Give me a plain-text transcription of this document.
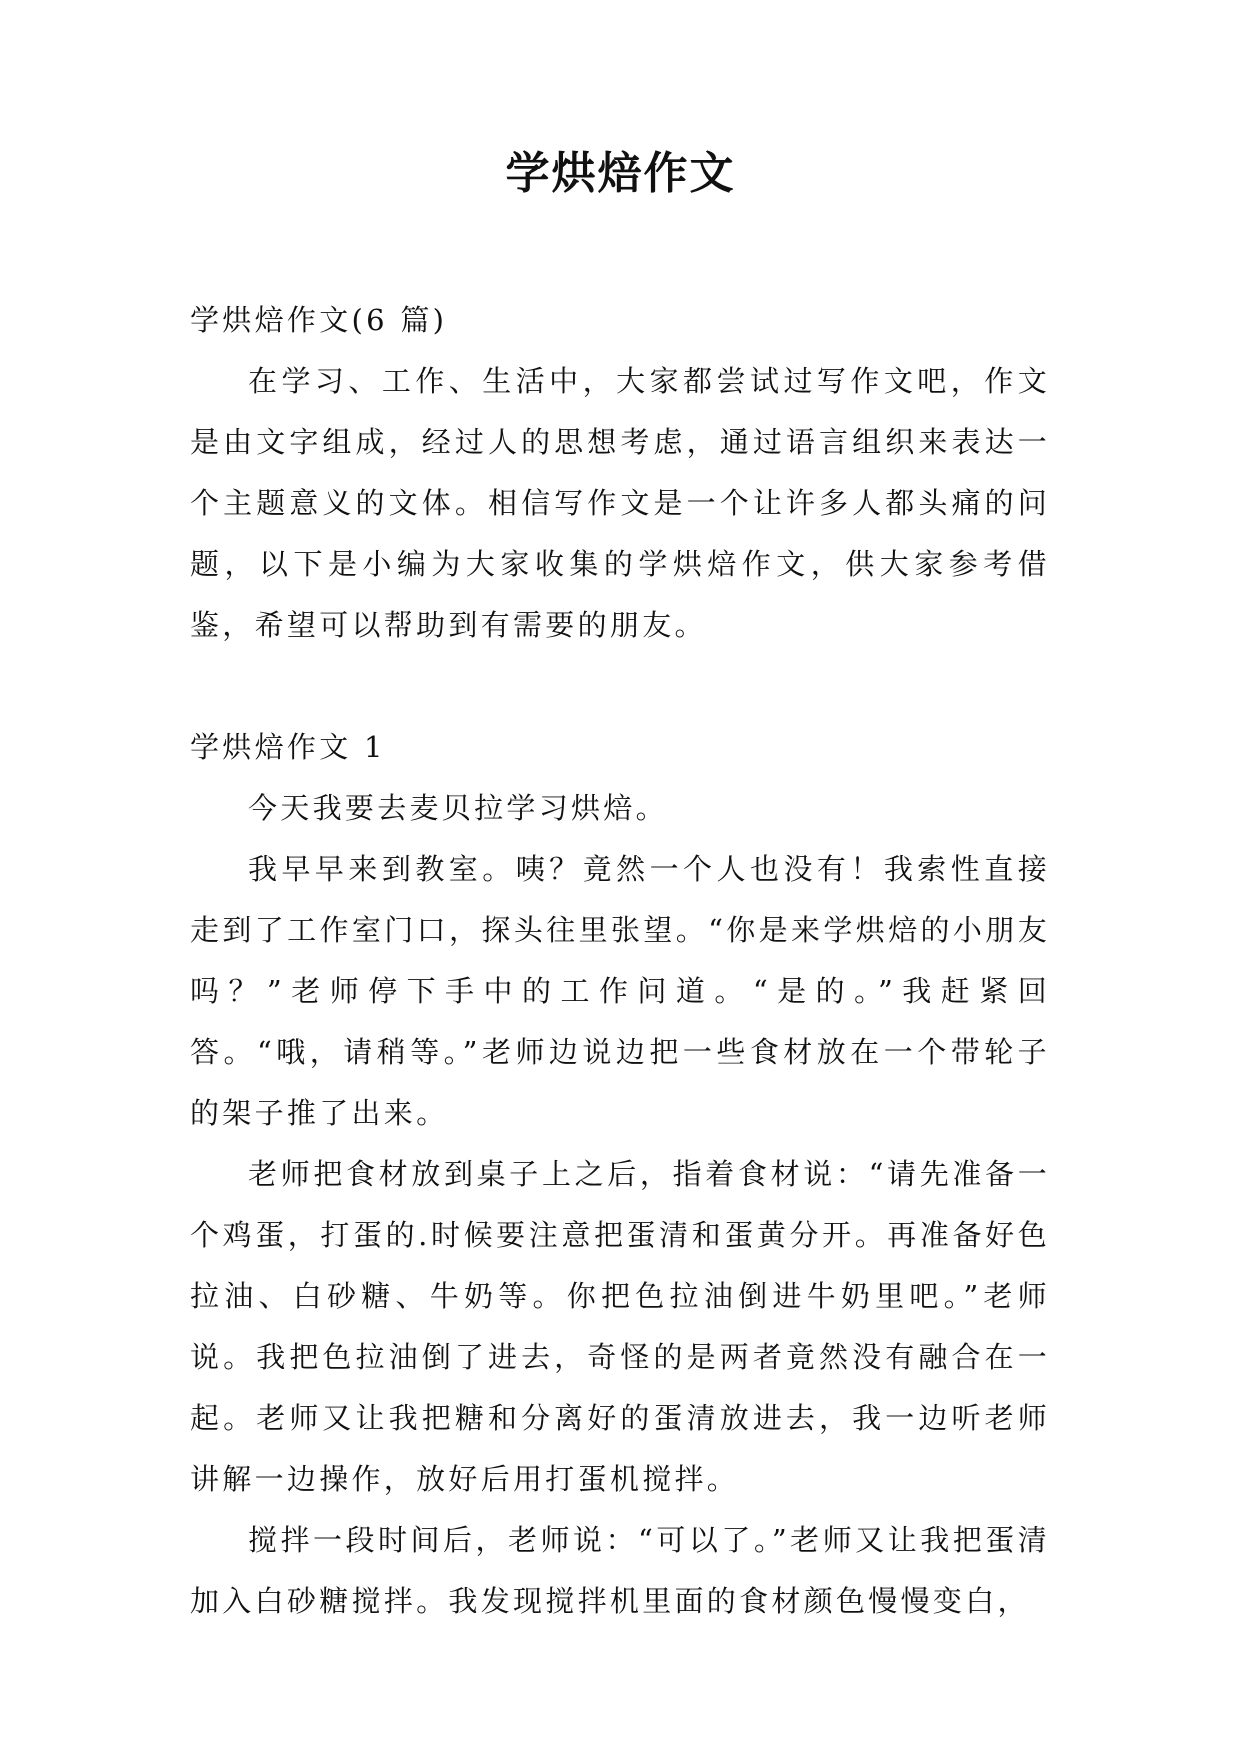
学烘焙作文

学烘焙作文(6 篇)

在学习、工作、生活中，大家都尝试过写作文吧，作文是由文字组成，经过人的思想考虑，通过语言组织来表达一个主题意义的文体。相信写作文是一个让许多人都头痛的问题，以下是小编为大家收集的学烘焙作文，供大家参考借鉴，希望可以帮助到有需要的朋友。

学烘焙作文 1

今天我要去麦贝拉学习烘焙。

我早早来到教室。咦？竟然一个人也没有！我索性直接走到了工作室门口，探头往里张望。“你是来学烘焙的小朋友吗？”老师停下手中的工作问道。“是的。”我赶紧回答。“哦，请稍等。”老师边说边把一些食材放在一个带轮子的架子推了出来。

老师把食材放到桌子上之后，指着食材说：“请先准备一个鸡蛋，打蛋的.时候要注意把蛋清和蛋黄分开。再准备好色拉油、白砂糖、牛奶等。你把色拉油倒进牛奶里吧。”老师说。我把色拉油倒了进去，奇怪的是两者竟然没有融合在一起。老师又让我把糖和分离好的蛋清放进去，我一边听老师讲解一边操作，放好后用打蛋机搅拌。

搅拌一段时间后，老师说：“可以了。”老师又让我把蛋清加入白砂糖搅拌。我发现搅拌机里面的食材颜色慢慢变白，
